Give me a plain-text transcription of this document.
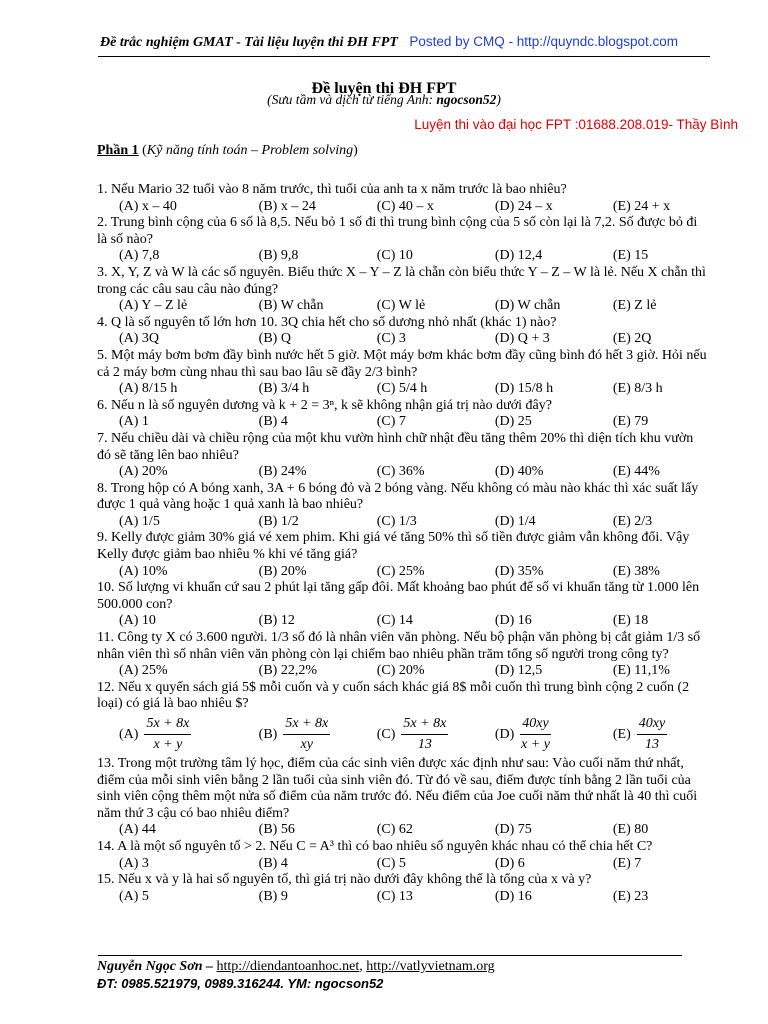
Đề trắc nghiệm GMAT - Tài liệu luyện thi ĐH FPT Posted by CMQ - http://quyndc.blogspot.com
Đề luyện thi ĐH FPT
(Sưu tầm và dịch từ tiếng Anh: ngocson52)
Luyện thi vào đại học FPT :01688.208.019- Thầy Bình
Phần 1 (Kỹ năng tính toán – Problem solving)
1. Nếu Mario 32 tuổi vào 8 năm trước, thì tuổi của anh ta x năm trước là bao nhiêu?
(A) x – 40	(B) x – 24	(C) 40 – x	(D) 24 – x	(E) 24 + x
2. Trung bình cộng của 6 số là 8,5. Nếu bỏ 1 số đi thì trung bình cộng của 5 số còn lại là 7,2. Số được bỏ đi là số nào?
(A) 7,8	(B) 9,8	(C) 10	(D) 12,4	(E) 15
3. X, Y, Z và W là các số nguyên. Biểu thức X – Y – Z là chẵn còn biểu thức Y – Z – W là lẻ. Nếu X chẵn thì trong các câu sau câu nào đúng?
(A) Y – Z lẻ	(B) W chẵn	(C) W lẻ	(D) W chẵn	(E) Z lẻ
4. Q là số nguyên tố lớn hơn 10. 3Q chia hết cho số dương nhỏ nhất (khác 1) nào?
(A) 3Q	(B) Q	(C) 3	(D) Q + 3	(E) 2Q
5. Một máy bơm bơm đầy bình nước hết 5 giờ. Một máy bơm khác bơm đầy cũng bình đó hết 3 giờ. Hỏi nếu cả 2 máy bơm cùng nhau thì sau bao lâu sẽ đầy 2/3 bình?
(A) 8/15 h	(B) 3/4 h	(C) 5/4 h	(D) 15/8 h	(E) 8/3 h
6. Nếu n là số nguyên dương và k + 2 = 3ⁿ, k sẽ không nhận giá trị nào dưới đây?
(A) 1	(B) 4	(C) 7	(D) 25	(E) 79
7. Nếu chiều dài và chiều rộng của một khu vườn hình chữ nhật đều tăng thêm 20% thì diện tích khu vườn đó sẽ tăng lên bao nhiêu?
(A) 20%	(B) 24%	(C) 36%	(D) 40%	(E) 44%
8. Trong hộp có A bóng xanh, 3A + 6 bóng đỏ và 2 bóng vàng. Nếu không có màu nào khác thì xác suất lấy được 1 quả vàng hoặc 1 quả xanh là bao nhiêu?
(A) 1/5	(B) 1/2	(C) 1/3	(D) 1/4	(E) 2/3
9. Kelly được giảm 30% giá vé xem phim. Khi giá vé tăng 50% thì số tiền được giảm vẫn không đổi. Vậy Kelly được giảm bao nhiêu % khi vé tăng giá?
(A) 10%	(B) 20%	(C) 25%	(D) 35%	(E) 38%
10. Số lượng vi khuẩn cứ sau 2 phút lại tăng gấp đôi. Mất khoảng bao phút để số vi khuẩn tăng từ 1.000 lên 500.000 con?
(A) 10	(B) 12	(C) 14	(D) 16	(E) 18
11. Công ty X có 3.600 người. 1/3 số đó là nhân viên văn phòng. Nếu bộ phận văn phòng bị cắt giảm 1/3 số nhân viên thì số nhân viên văn phòng còn lại chiếm bao nhiêu phần trăm tổng số người trong công ty?
(A) 25%	(B) 22,2%	(C) 20%	(D) 12,5	(E) 11,1%
12. Nếu x quyển sách giá 5$ mỗi cuốn và y cuốn sách khác giá 8$ mỗi cuốn thì trung bình cộng 2 cuốn (2 loại) có giá là bao nhiêu $?
$(A) \frac{5x + 8x}{x + y}$	$(B) \frac{5x + 8x}{xy}$	$(C) \frac{5x + 8x}{13}$	$(D) \frac{40xy}{x + y}$	$(E) \frac{40xy}{13}$
13. Trong một trường tâm lý học, điểm của các sinh viên được xác định như sau: Vào cuối năm thứ nhất, điểm của mỗi sinh viên bằng 2 lần tuổi của sinh viên đó. Từ đó về sau, điểm được tính bằng 2 lần tuổi của sinh viên cộng thêm một nửa số điểm của năm trước đó. Nếu điểm của Joe cuối năm thứ nhất là 40 thì cuối năm thứ 3 cậu có bao nhiêu điểm?
(A) 44	(B) 56	(C) 62	(D) 75	(E) 80
14. A là một số nguyên tố > 2. Nếu C = A³ thì có bao nhiêu số nguyên khác nhau có thể chia hết C?
(A) 3	(B) 4	(C) 5	(D) 6	(E) 7
15. Nếu x và y là hai số nguyên tố, thì giá trị nào dưới đây không thể là tổng của x và y?
(A) 5	(B) 9	(C) 13	(D) 16	(E) 23
Nguyễn Ngọc Sơn – http://diendantoanhoc.net, http://vatlyvietnam.org
ĐT: 0985.521979, 0989.316244. YM: ngocson52
